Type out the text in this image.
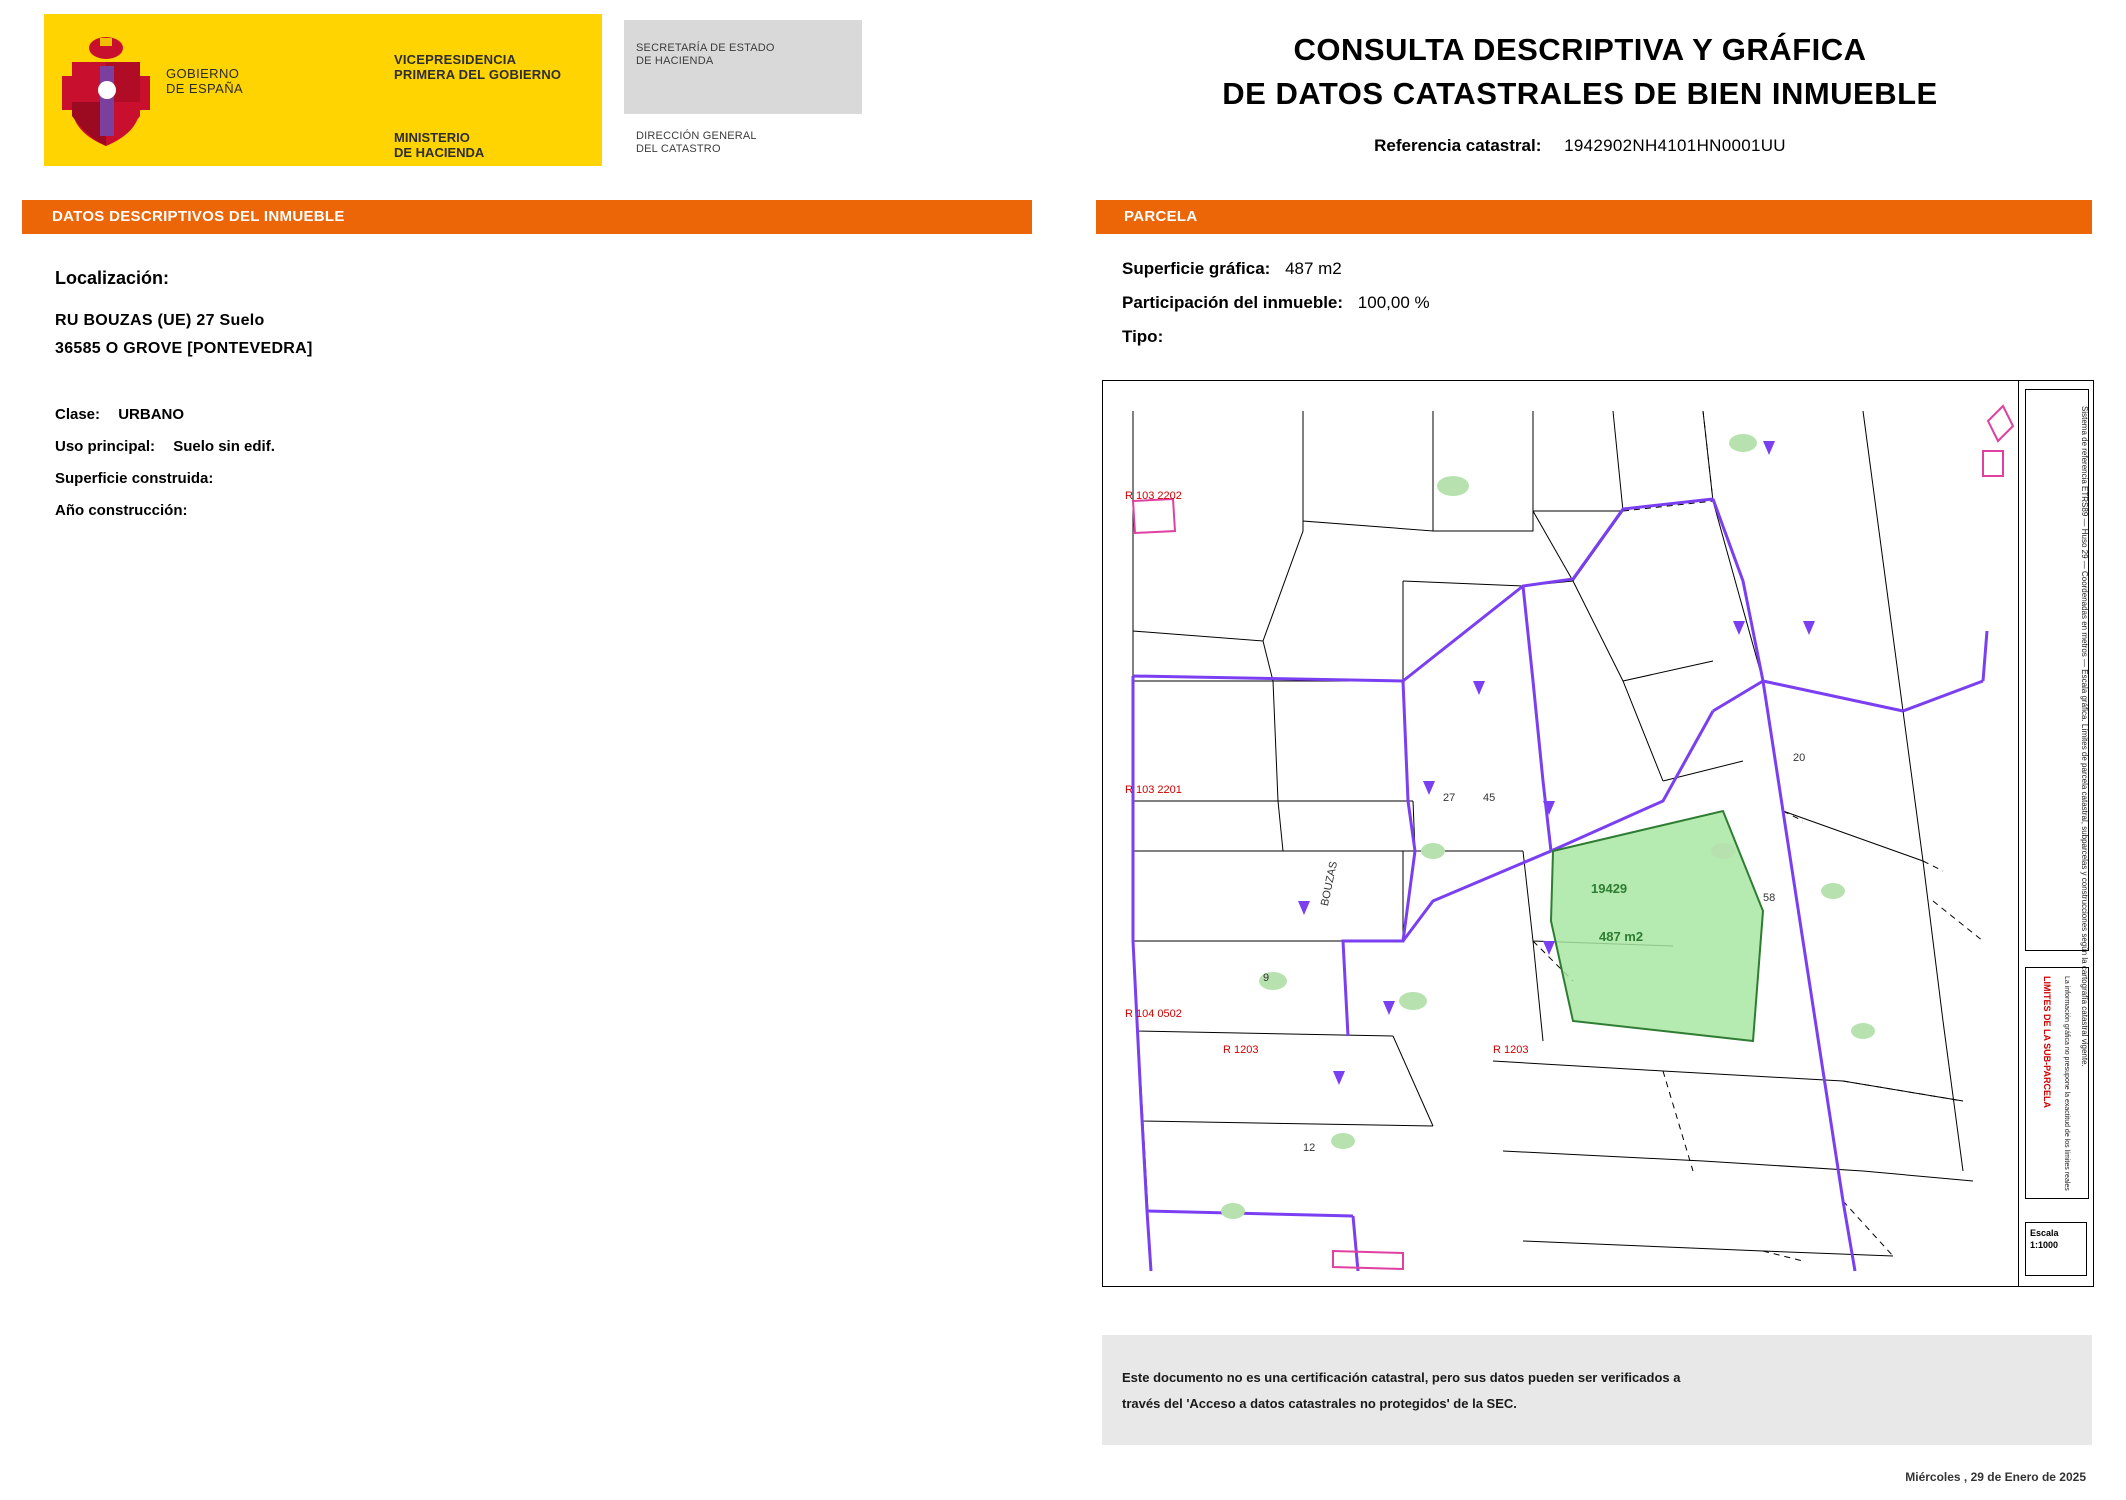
GOBIERNO
DE ESPAÑA
VICEPRESIDENCIA
PRIMERA DEL GOBIERNO
MINISTERIO
DE HACIENDA
SECRETARÍA DE ESTADO
DE HACIENDA
DIRECCIÓN GENERAL
DEL CATASTRO
CONSULTA DESCRIPTIVA Y GRÁFICA
DE DATOS CATASTRALES DE BIEN INMUEBLE
Referencia catastral: 1942902NH4101HN0001UU
DATOS DESCRIPTIVOS DEL INMUEBLE	PARCELA
Localización:
RU BOUZAS (UE) 27 Suelo
36585 O GROVE [PONTEVEDRA]
Clase: URBANO
Uso principal: Suelo sin edif.
Superficie construida:
Año construcción:
Superficie gráfica: 487 m2
Participación del inmueble: 100,00 %
Tipo:
27	45
20
58
12
9
R 103 2202
R 103 2201
R 104 0502
R 1203	R 1203
BOUZAS	19429
487 m2	Sistema de referencia ETRS89 — Huso 29 — Coordenadas en metros — Escala gráfica. Límites de parcela catastral, subparcelas y construcciones según la cartografía catastral vigente.
LIMITES DE LA SUB-PARCELA La información gráfica no presupone la exactitud de los límites reales
Escala
1:1000
Este documento no es una certificación catastral, pero sus datos pueden ser verificados a
través del 'Acceso a datos catastrales no protegidos' de la SEC.
Miércoles , 29 de Enero de 2025
